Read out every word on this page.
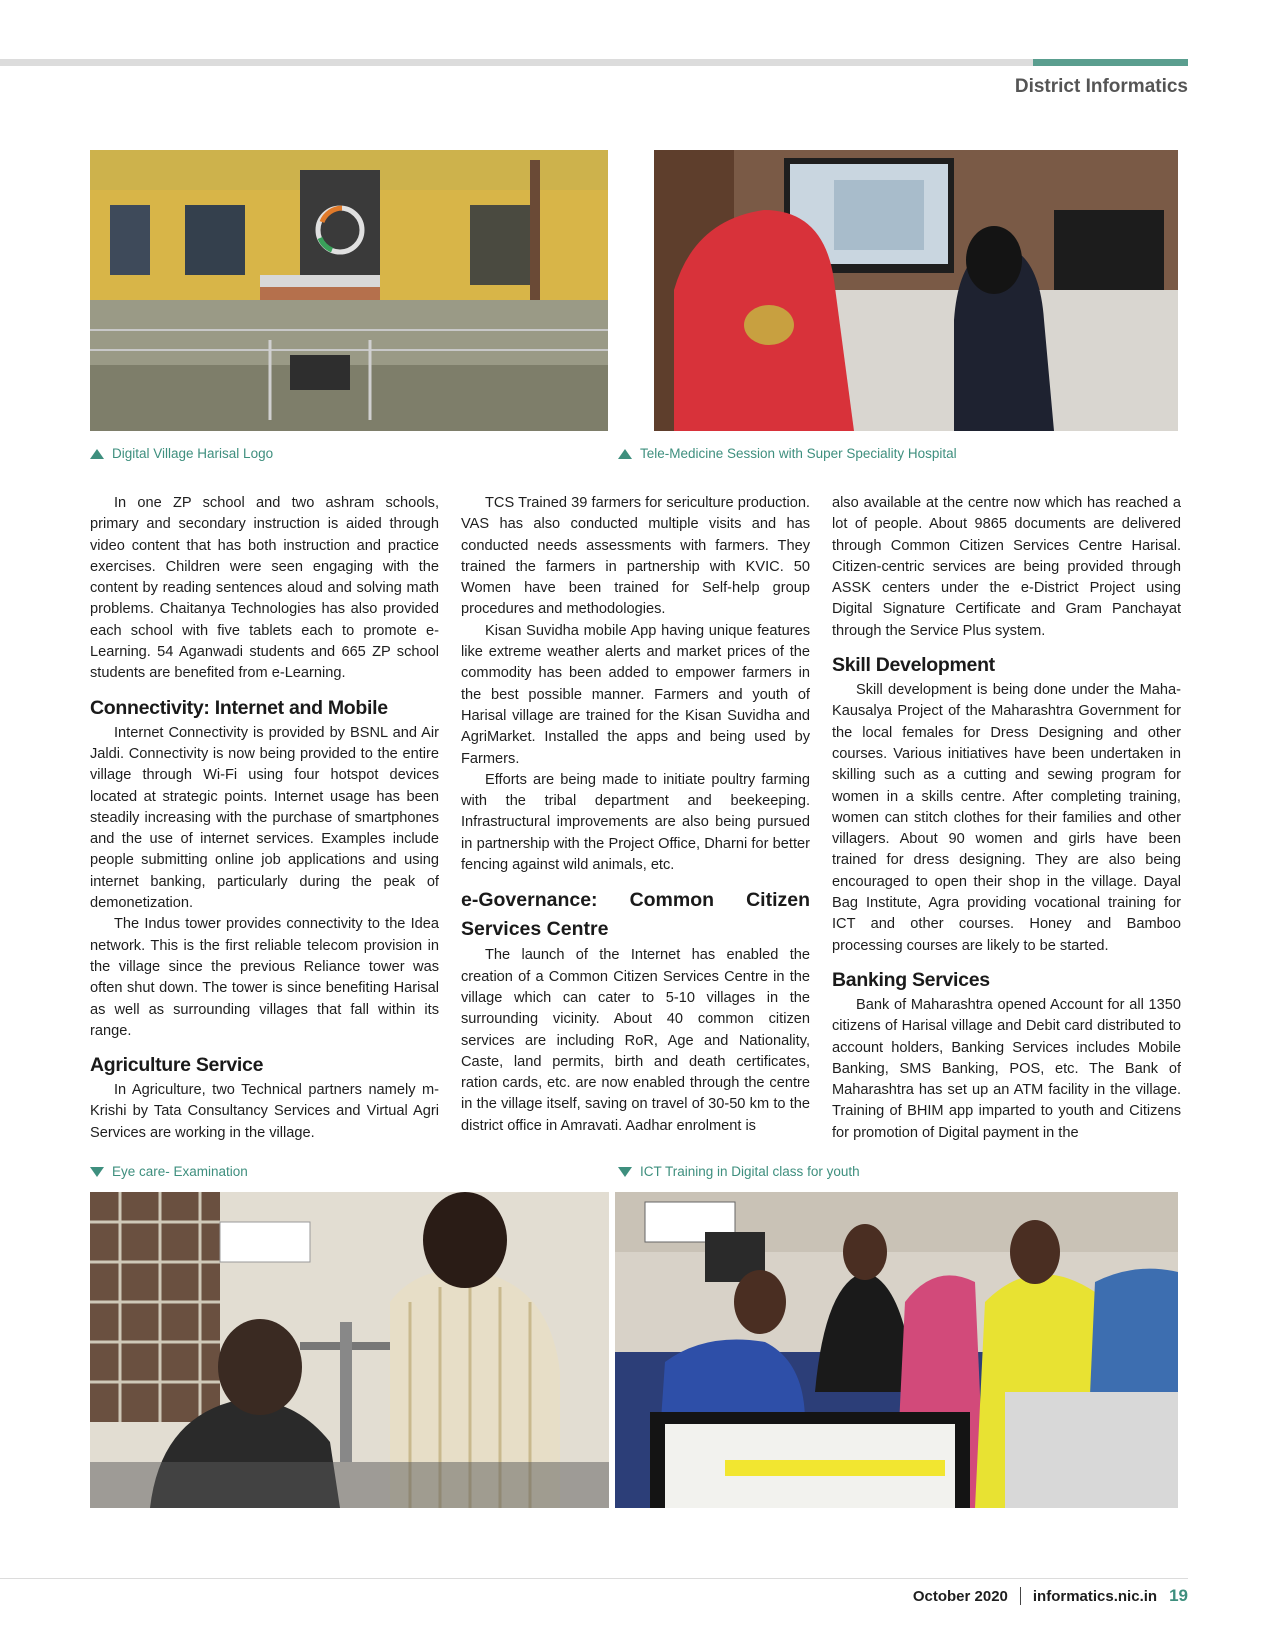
District Informatics
Digital Village Harisal Logo	Tele-Medicine Session with Super Speciality Hospital

In one ZP school and two ashram schools, primary and secondary instruction is aided through video content that has both instruction and practice exercises. Children were seen engaging with the content by reading sentences aloud and solving math problems. Chaitanya Technologies has also provided each school with five tablets each to promote e-Learning. 54 Aganwadi students and 665 ZP school students are benefited from e-Learning.

Connectivity: Internet and Mobile

Internet Connectivity is provided by BSNL and Air Jaldi. Connectivity is now being provided to the entire village through Wi-Fi using four hotspot devices located at strategic points. Internet usage has been steadily increasing with the purchase of smartphones and the use of internet services. Examples include people submitting online job applications and using internet banking, particularly during the peak of demonetization.

The Indus tower provides connectivity to the Idea network. This is the first reliable telecom provision in the village since the previous Reliance tower was often shut down. The tower is since benefiting Harisal as well as surrounding villages that fall within its range.

Agriculture Service

In Agriculture, two Technical partners namely m-Krishi by Tata Consultancy Services and Virtual Agri Services are working in the village.

TCS Trained 39 farmers for sericulture production. VAS has also conducted multiple visits and has conducted needs assessments with farmers. They trained the farmers in partnership with KVIC. 50 Women have been trained for Self-help group procedures and methodologies.

Kisan Suvidha mobile App having unique features like extreme weather alerts and market prices of the commodity has been added to empower farmers in the best possible manner. Farmers and youth of Harisal village are trained for the Kisan Suvidha and AgriMarket. Installed the apps and being used by Farmers.

Efforts are being made to initiate poultry farming with the tribal department and beekeeping. Infrastructural improvements are also being pursued in partnership with the Project Office, Dharni for better fencing against wild animals, etc.

e-Governance: Common Citizen Services Centre

The launch of the Internet has enabled the creation of a Common Citizen Services Centre in the village which can cater to 5-10 villages in the surrounding vicinity. About 40 common citizen services are including RoR, Age and Nationality, Caste, land permits, birth and death certificates, ration cards, etc. are now enabled through the centre in the village itself, saving on travel of 30-50 km to the district office in Amravati. Aadhar enrolment is

also available at the centre now which has reached a lot of people. About 9865 documents are delivered through Common Citizen Services Centre Harisal. Citizen-centric services are being provided through ASSK centers under the e-District Project using Digital Signature Certificate and Gram Panchayat through the Service Plus system.

Skill Development

Skill development is being done under the Maha-Kausalya Project of the Maharashtra Government for the local females for Dress Designing and other courses. Various initiatives have been undertaken in skilling such as a cutting and sewing program for women in a skills centre. After completing training, women can stitch clothes for their families and other villagers. About 90 women and girls have been trained for dress designing. They are also being encouraged to open their shop in the village. Dayal Bag Institute, Agra providing vocational training for ICT and other courses. Honey and Bamboo processing courses are likely to be started.

Banking Services

Bank of Maharashtra opened Account for all 1350 citizens of Harisal village and Debit card distributed to account holders, Banking Services includes Mobile Banking, SMS Banking, POS, etc. The Bank of Maharashtra has set up an ATM facility in the village. Training of BHIM app imparted to youth and Citizens for promotion of Digital payment in the

Eye care- Examination	ICT Training in Digital class for youth
October 2020 informatics.nic.in 19
